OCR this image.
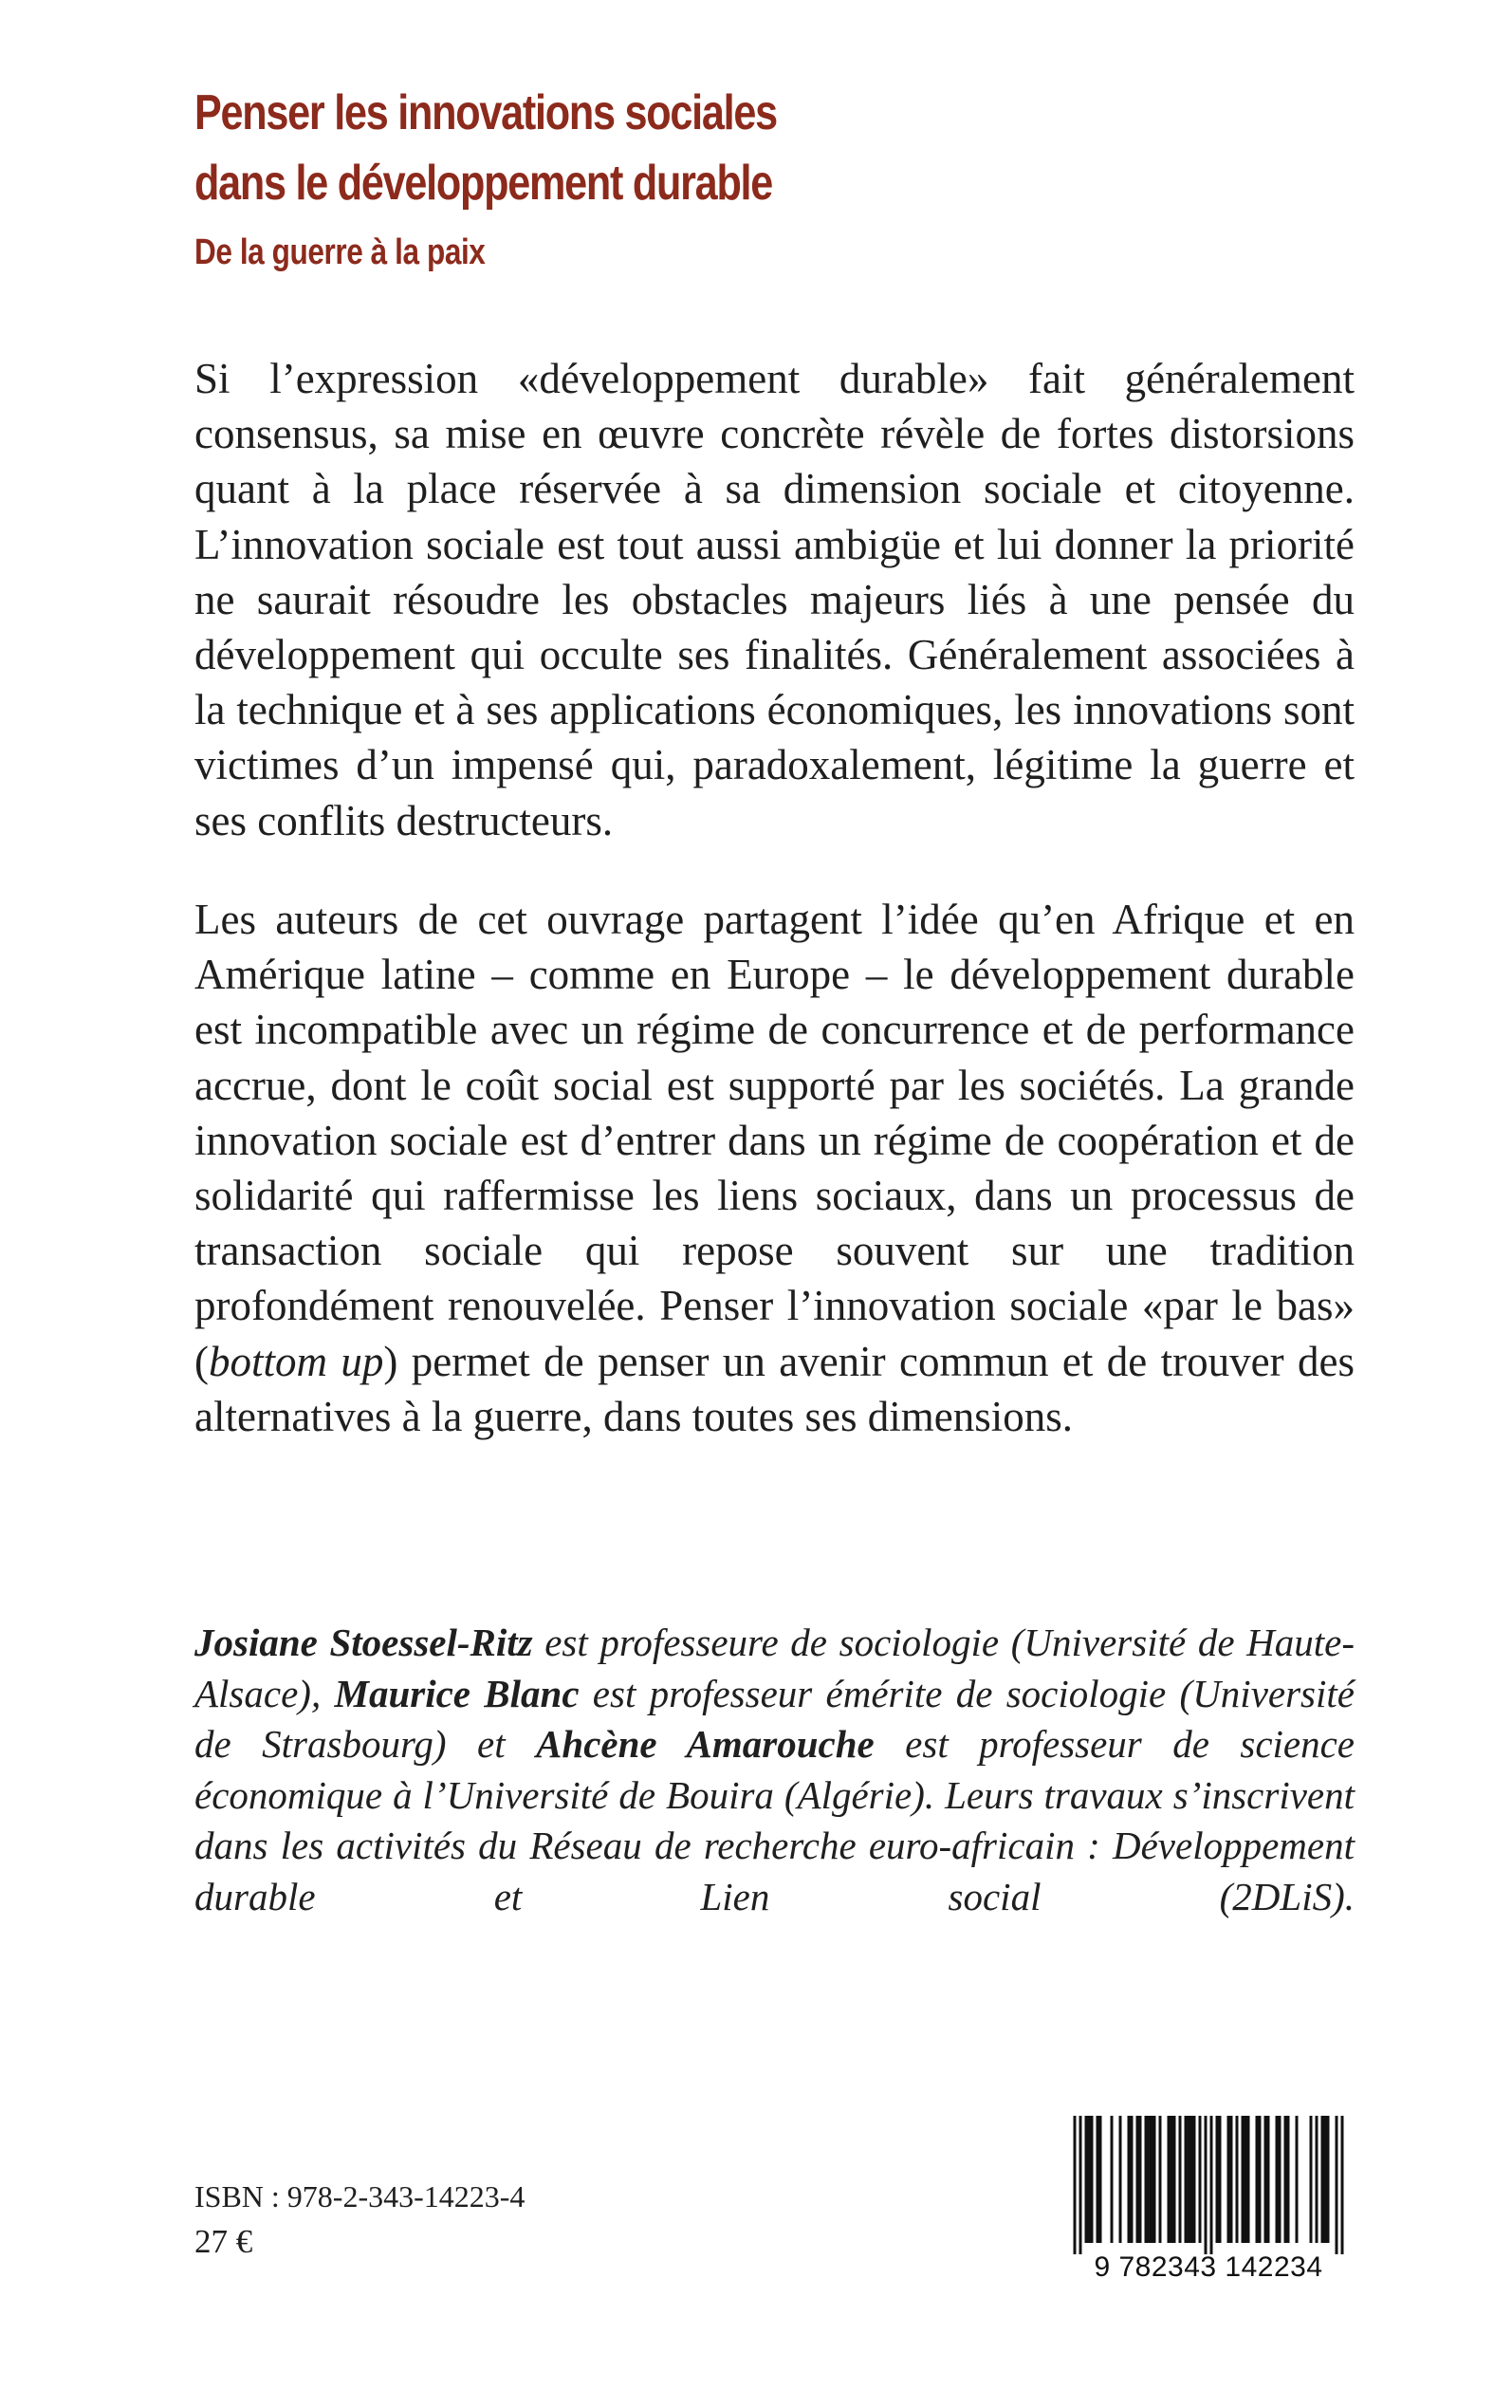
Penser les innovations sociales
dans le développement durable
De la guerre à la paix

Si l’expression «développement durable» fait généralement consensus, sa mise en œuvre concrète révèle de fortes distorsions quant à la place réservée à sa dimension sociale et citoyenne. L’innovation sociale est tout aussi ambigüe et lui donner la priorité ne saurait résoudre les obstacles majeurs liés à une pensée du développement qui occulte ses finalités. Généralement associées à la technique et à ses applications économiques, les innovations sont victimes d’un impensé qui, paradoxalement, légitime la guerre et ses conflits destructeurs.

Les auteurs de cet ouvrage partagent l’idée qu’en Afrique et en Amérique latine – comme en Europe – le développement durable est incompatible avec un régime de concurrence et de performance accrue, dont le coût social est supporté par les sociétés. La grande innovation sociale est d’entrer dans un régime de coopération et de solidarité qui raffermisse les liens sociaux, dans un processus de transaction sociale qui repose souvent sur une tradition profondément renouvelée. Penser l’innovation sociale «par le bas» (bottom up) permet de penser un avenir commun et de trouver des alternatives à la guerre, dans toutes ses dimensions.

Josiane Stoessel-Ritz est professeure de sociologie (Université de Haute-Alsace), Maurice Blanc est professeur émérite de sociologie (Université de Strasbourg) et Ahcène Amarouche est professeur de science économique à l’Université de Bouira (Algérie). Leurs travaux s’inscrivent dans les activités du Réseau de recherche euro-africain : Développement durable et Lien social (2DLiS).

ISBN : 978-2-343-14223-4
27 €
9 782343 142234
